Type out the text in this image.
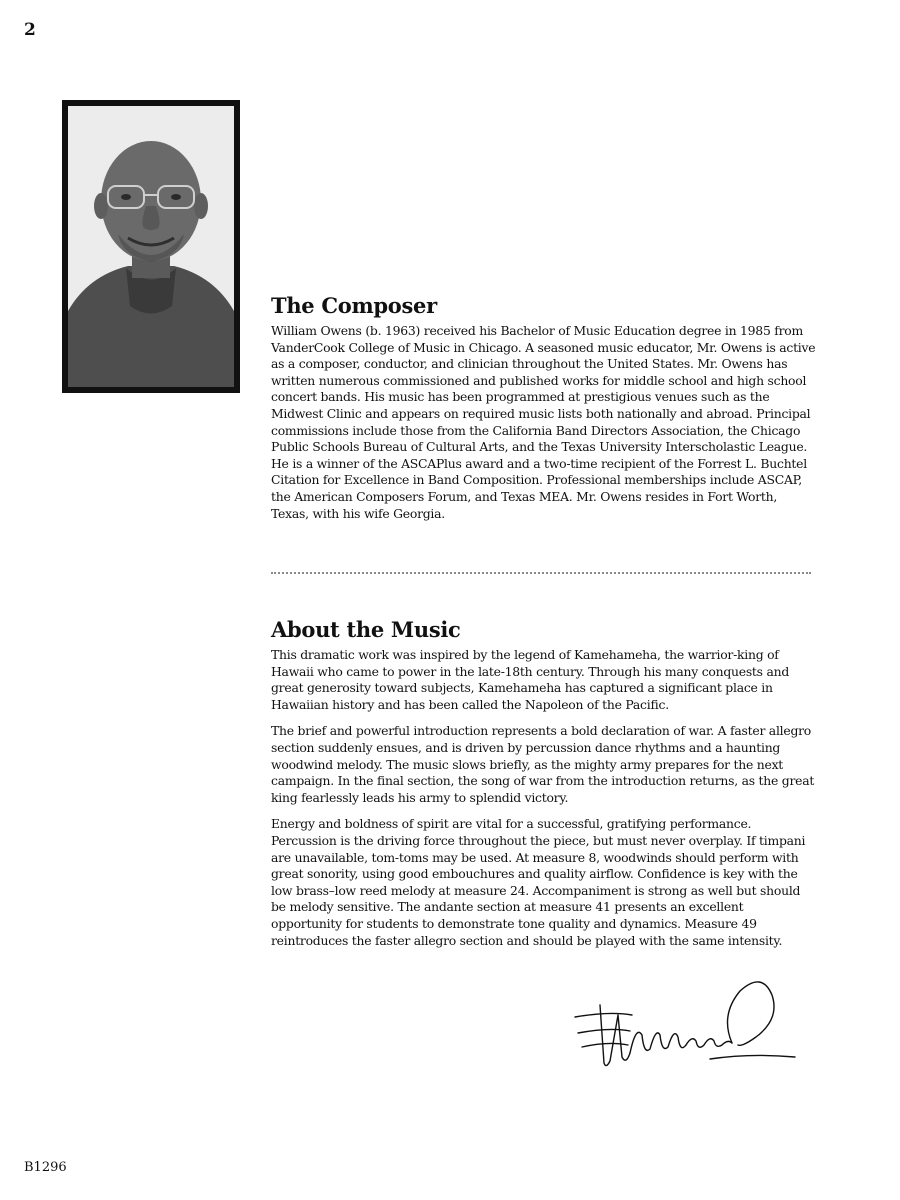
2
The Composer

William Owens (b. 1963) received his Bachelor of Music Education degree in 1985 from VanderCook College of Music in Chicago. A seasoned music educator, Mr. Owens is active as a composer, conductor, and clinician throughout the United States. Mr. Owens has written numerous commissioned and published works for middle school and high school concert bands. His music has been programmed at prestigious venues such as the Midwest Clinic and appears on required music lists both nationally and abroad. Principal commissions include those from the California Band Directors Association, the Chicago Public Schools Bureau of Cultural Arts, and the Texas University Interscholastic League. He is a winner of the ASCAPlus award and a two-time recipient of the Forrest L. Buchtel Citation for Excellence in Band Composition. Professional memberships include ASCAP, the American Composers Forum, and Texas MEA. Mr. Owens resides in Fort Worth, Texas, with his wife Georgia.

About the Music

This dramatic work was inspired by the legend of Kamehameha, the warrior-king of Hawaii who came to power in the late-18th century. Through his many conquests and great generosity toward subjects, Kamehameha has captured a significant place in Hawaiian history and has been called the Napoleon of the Pacific.

The brief and powerful introduction represents a bold declaration of war. A faster allegro section suddenly ensues, and is driven by percussion dance rhythms and a haunting woodwind melody. The music slows briefly, as the mighty army prepares for the next campaign. In the final section, the song of war from the introduction returns, as the great king fearlessly leads his army to splendid victory.

Energy and boldness of spirit are vital for a successful, gratifying performance. Percussion is the driving force throughout the piece, but must never overplay. If timpani are unavailable, tom-toms may be used. At measure 8, woodwinds should perform with great sonority, using good embouchures and quality airflow. Confidence is key with the low brass–low reed melody at measure 24. Accompaniment is strong as well but should be melody sensitive. The andante section at measure 41 presents an excellent opportunity for students to demonstrate tone quality and dynamics. Measure 49 reintroduces the faster allegro section and should be played with the same intensity.

B1296
